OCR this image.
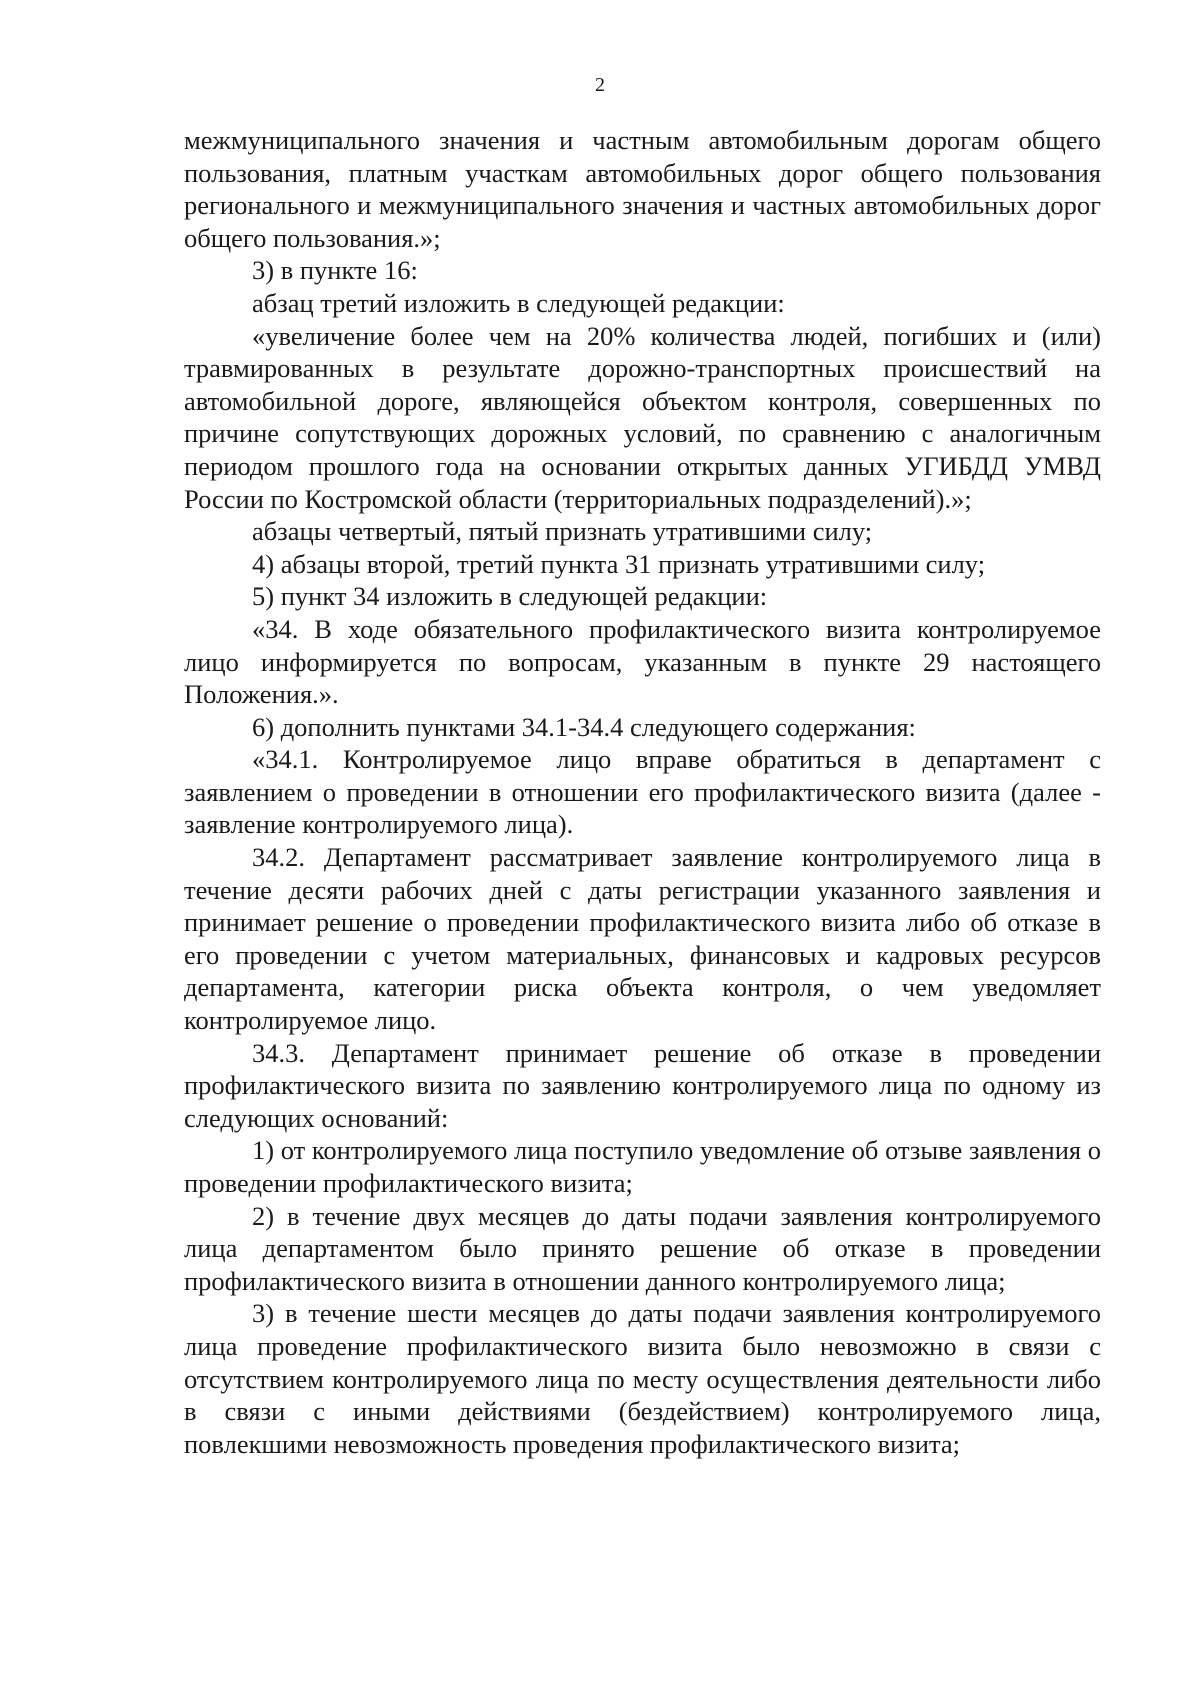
2

межмуниципального значения и частным автомобильным дорогам общего пользования, платным участкам автомобильных дорог общего пользования регионального и межмуниципального значения и частных автомобильных дорог общего пользования.»;

3) в пункте 16:

абзац третий изложить в следующей редакции:

«увеличение более чем на 20% количества людей, погибших и (или) травмированных в результате дорожно-транспортных происшествий на автомобильной дороге, являющейся объектом контроля, совершенных по причине сопутствующих дорожных условий, по сравнению с аналогичным периодом прошлого года на основании открытых данных УГИБДД УМВД России по Костромской области (территориальных подразделений).»;

абзацы четвертый, пятый признать утратившими силу;

4) абзацы второй, третий пункта 31 признать утратившими силу;

5) пункт 34 изложить в следующей редакции:

«34. В ходе обязательного профилактического визита контролируемое лицо информируется по вопросам, указанным в пункте 29 настоящего Положения.».

6) дополнить пунктами 34.1-34.4 следующего содержания:

«34.1. Контролируемое лицо вправе обратиться в департамент с заявлением о проведении в отношении его профилактического визита (далее - заявление контролируемого лица).

34.2. Департамент рассматривает заявление контролируемого лица в течение десяти рабочих дней с даты регистрации указанного заявления и принимает решение о проведении профилактического визита либо об отказе в его проведении с учетом материальных, финансовых и кадровых ресурсов департамента, категории риска объекта контроля, о чем уведомляет контролируемое лицо.

34.3. Департамент принимает решение об отказе в проведении профилактического визита по заявлению контролируемого лица по одному из следующих оснований:

1) от контролируемого лица поступило уведомление об отзыве заявления о проведении профилактического визита;

2) в течение двух месяцев до даты подачи заявления контролируемого лица департаментом было принято решение об отказе в проведении профилактического визита в отношении данного контролируемого лица;

3) в течение шести месяцев до даты подачи заявления контролируемого лица проведение профилактического визита было невозможно в связи с отсутствием контролируемого лица по месту осуществления деятельности либо в связи с иными действиями (бездействием) контролируемого лица, повлекшими невозможность проведения профилактического визита;
